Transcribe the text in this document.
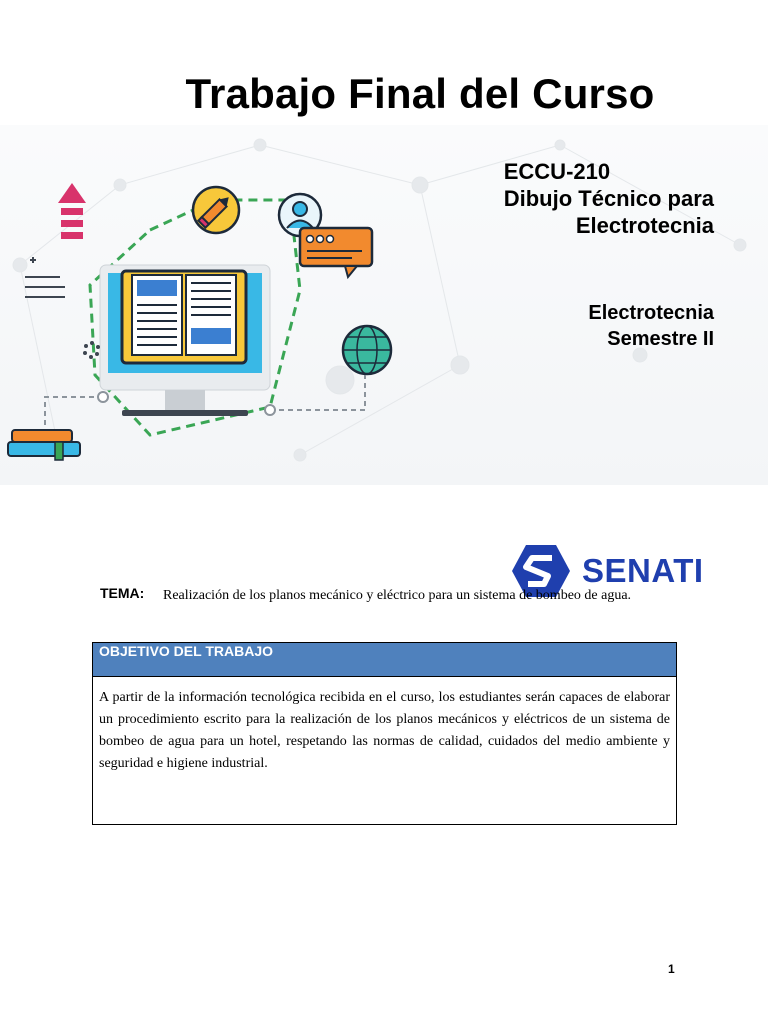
Trabajo Final del Curso
SENATI
ECCU-210
Dibujo Técnico para
Electrotecnia
Electrotecnia
Semestre II
TEMA: Realización de los planos mecánico y eléctrico para un sistema de bombeo de agua.
OBJETIVO DEL TRABAJO
A partir de la información tecnológica recibida en el curso, los estudiantes serán capaces de elaborar un procedimiento escrito para la realización de los planos mecánicos y eléctricos de un sistema de bombeo de agua para un hotel, respetando las normas de calidad, cuidados del medio ambiente y seguridad e higiene industrial.
1
